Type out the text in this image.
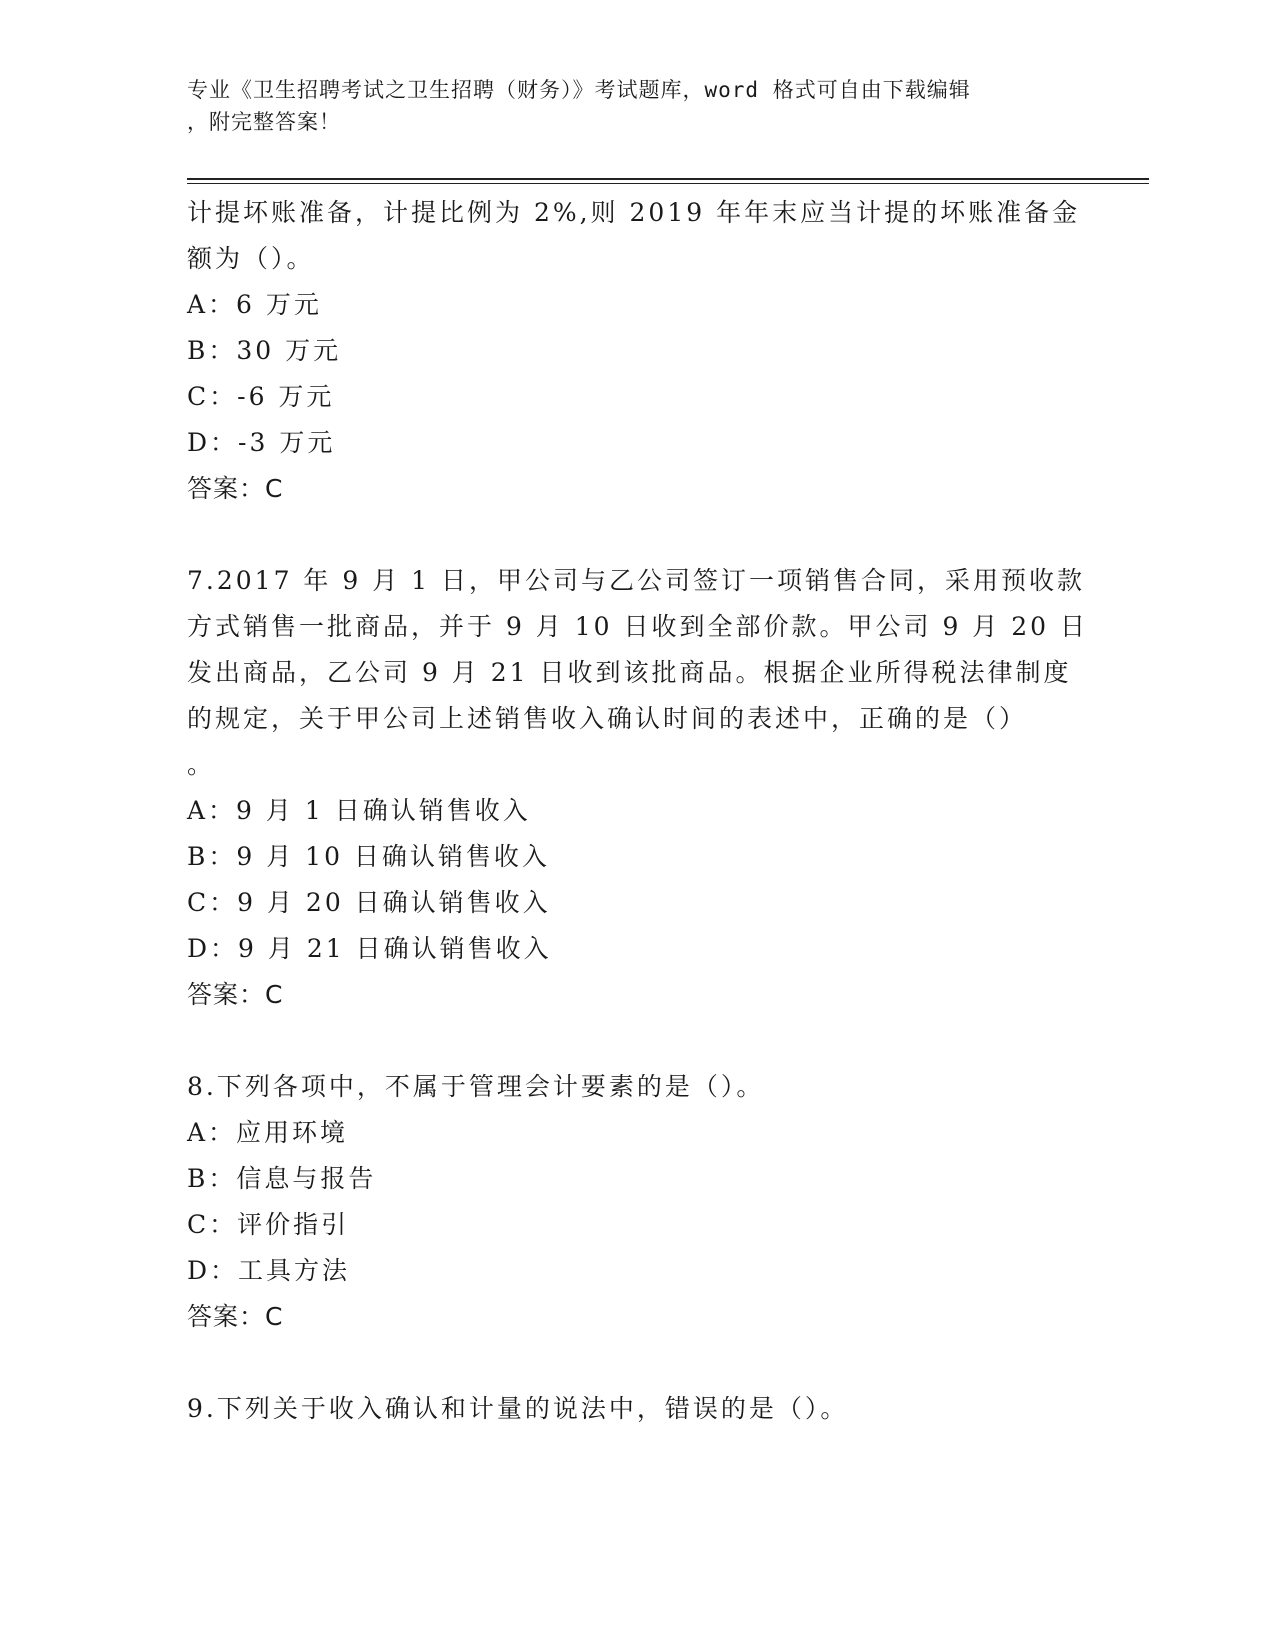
专业《卫生招聘考试之卫生招聘（财务）》考试题库，word 格式可自由下载编辑
，附完整答案！
计提坏账准备，计提比例为 2%,则 2019 年年末应当计提的坏账准备金
额为（）。
A：6 万元
B：30 万元
C：-6 万元
D：-3 万元
答案：C
7.2017 年 9 月 1 日，甲公司与乙公司签订一项销售合同，采用预收款
方式销售一批商品，并于 9 月 10 日收到全部价款。甲公司 9 月 20 日
发出商品，乙公司 9 月 21 日收到该批商品。根据企业所得税法律制度
的规定，关于甲公司上述销售收入确认时间的表述中，正确的是（）
。
A：9 月 1 日确认销售收入
B：9 月 10 日确认销售收入
C：9 月 20 日确认销售收入
D：9 月 21 日确认销售收入
答案：C
8.下列各项中，不属于管理会计要素的是（）。
A：应用环境
B：信息与报告
C：评价指引
D：工具方法
答案：C
9.下列关于收入确认和计量的说法中，错误的是（）。
